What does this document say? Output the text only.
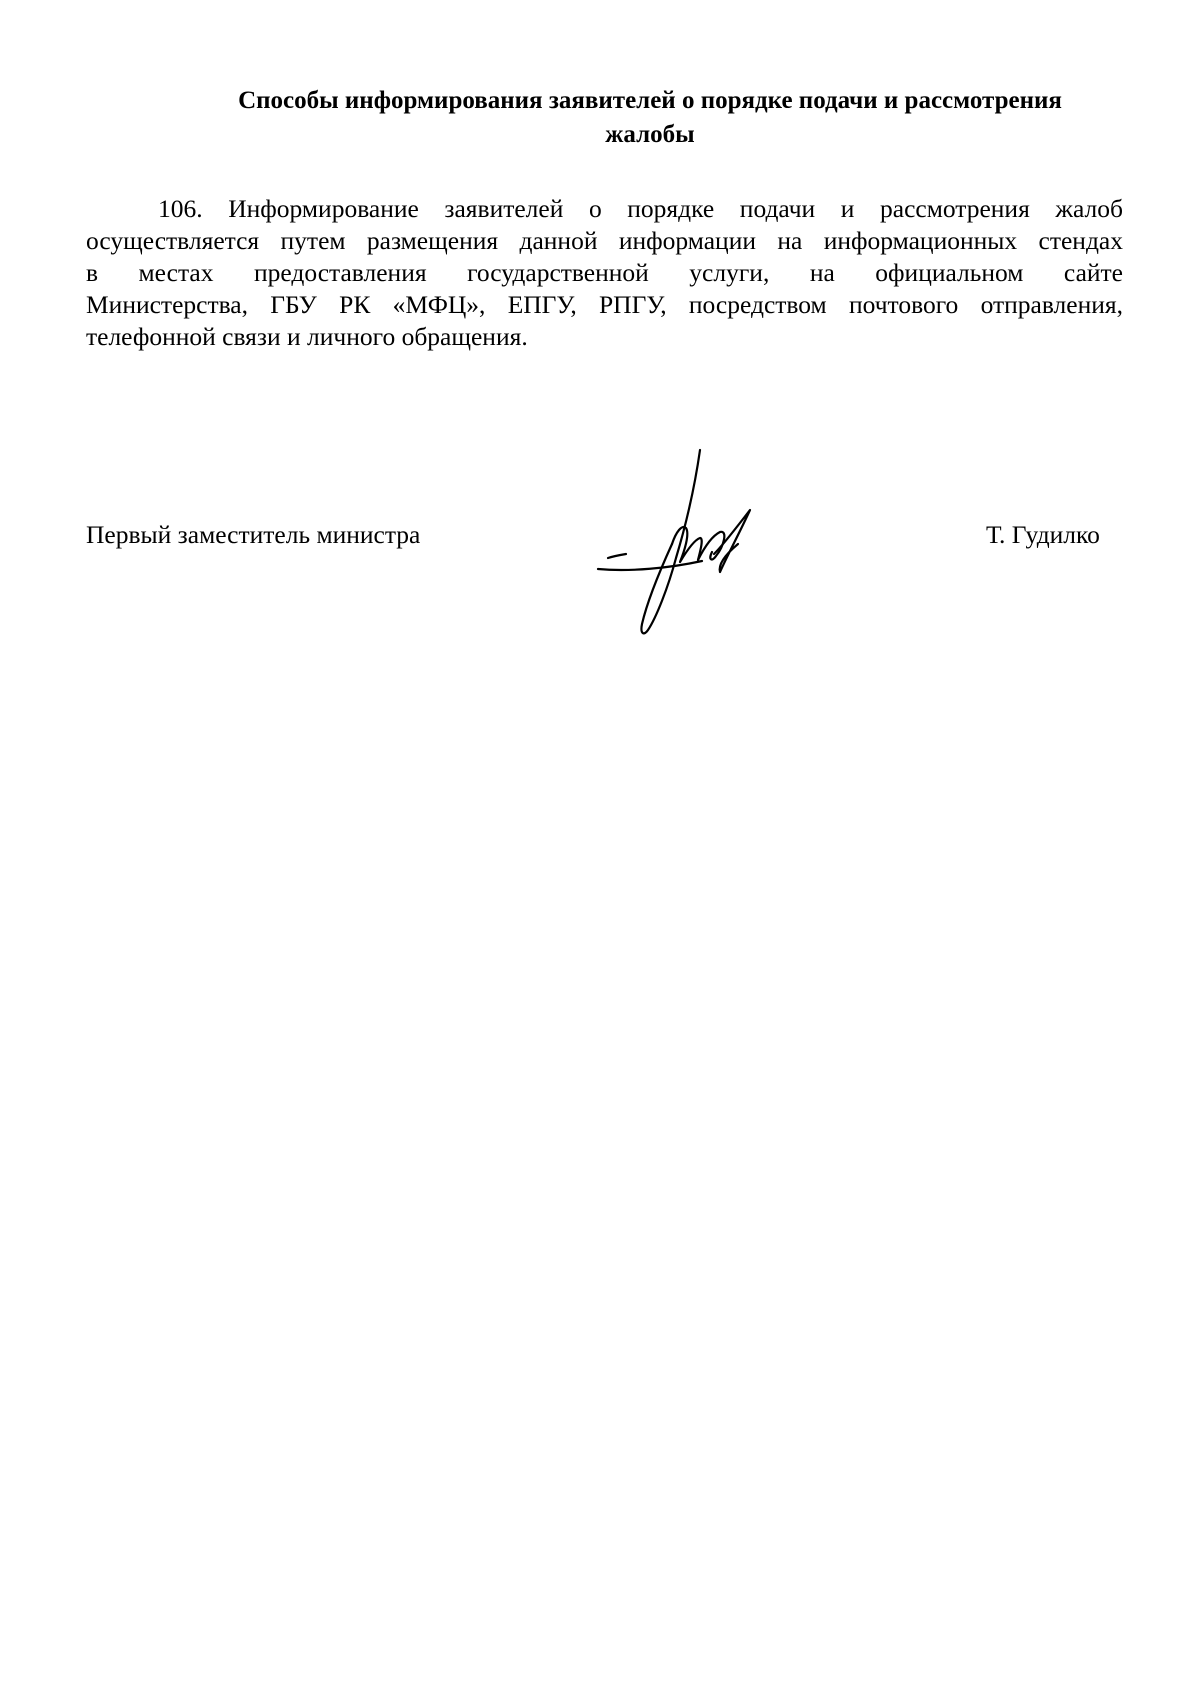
Способы информирования заявителей о порядке подачи и рассмотрения
жалобы
106. Информирование заявителей о порядке подачи и рассмотрения жалоб
осуществляется путем размещения данной информации на информационных стендах
в местах предоставления государственной услуги, на официальном сайте
Министерства, ГБУ РК «МФЦ», ЕПГУ, РПГУ, посредством почтового отправления,
телефонной связи и личного обращения.
Первый заместитель министра	Т. Гудилко
